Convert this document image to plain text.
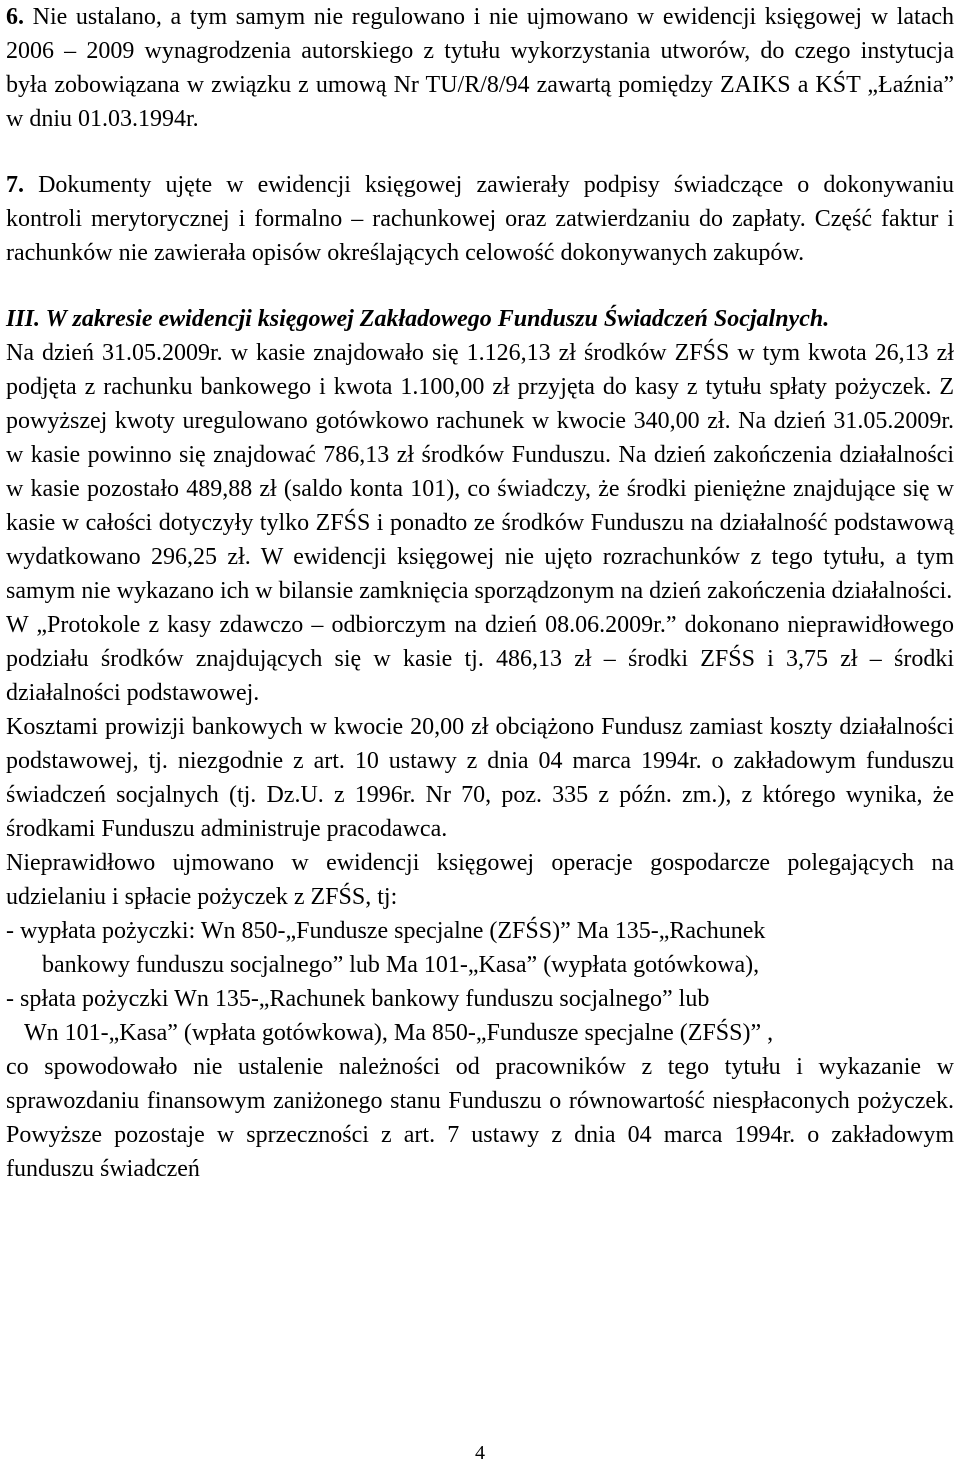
6. Nie ustalano, a tym samym nie regulowano i nie ujmowano w ewidencji księgowej w latach 2006 – 2009 wynagrodzenia autorskiego z tytułu wykorzystania utworów, do czego instytucja była zobowiązana w związku z umową Nr TU/R/8/94 zawartą pomiędzy ZAIKS a KŚT „Łaźnia” w dniu 01.03.1994r.

7. Dokumenty ujęte w ewidencji księgowej zawierały podpisy świadczące o dokonywaniu kontroli merytorycznej i formalno – rachunkowej oraz zatwierdzaniu do zapłaty. Część faktur i rachunków nie zawierała opisów określających celowość dokonywanych zakupów.

III. W zakresie ewidencji księgowej Zakładowego Funduszu Świadczeń Socjalnych.

Na dzień 31.05.2009r. w kasie znajdowało się 1.126,13 zł środków ZFŚS w tym kwota 26,13 zł podjęta z rachunku bankowego i kwota 1.100,00 zł przyjęta do kasy z tytułu spłaty pożyczek. Z powyższej kwoty uregulowano gotówkowo rachunek w kwocie 340,00 zł. Na dzień 31.05.2009r. w kasie powinno się znajdować 786,13 zł środków Funduszu. Na dzień zakończenia działalności w kasie pozostało 489,88 zł (saldo konta 101), co świadczy, że środki pieniężne znajdujące się w kasie w całości dotyczyły tylko ZFŚS i ponadto ze środków Funduszu na działalność podstawową wydatkowano 296,25 zł. W ewidencji księgowej nie ujęto rozrachunków z tego tytułu, a tym samym nie wykazano ich w bilansie zamknięcia sporządzonym na dzień zakończenia działalności.

W „Protokole z kasy zdawczo – odbiorczym na dzień 08.06.2009r.” dokonano nieprawidłowego podziału środków znajdujących się w kasie tj. 486,13 zł – środki ZFŚS i 3,75 zł – środki działalności podstawowej.

Kosztami prowizji bankowych w kwocie 20,00 zł obciążono Fundusz zamiast koszty działalności podstawowej, tj. niezgodnie z art. 10 ustawy z dnia 04 marca 1994r. o zakładowym funduszu świadczeń socjalnych (tj. Dz.U. z 1996r. Nr 70, poz. 335 z późn. zm.), z którego wynika, że środkami Funduszu administruje pracodawca.

Nieprawidłowo ujmowano w ewidencji księgowej operacje gospodarcze polegających na udzielaniu i spłacie pożyczek z ZFŚS, tj:

- wypłata pożyczki: Wn 850-„Fundusze specjalne (ZFŚS)” Ma 135-„Rachunek
bankowy funduszu socjalnego” lub Ma 101-„Kasa” (wypłata gotówkowa),
- spłata pożyczki Wn 135-„Rachunek bankowy funduszu socjalnego” lub
Wn 101-„Kasa” (wpłata gotówkowa), Ma 850-„Fundusze specjalne (ZFŚS)” ,

co spowodowało nie ustalenie należności od pracowników z tego tytułu i wykazanie w sprawozdaniu finansowym zaniżonego stanu Funduszu o równowartość niespłaconych pożyczek. Powyższe pozostaje w sprzeczności z art. 7 ustawy z dnia 04 marca 1994r. o zakładowym funduszu świadczeń

4
